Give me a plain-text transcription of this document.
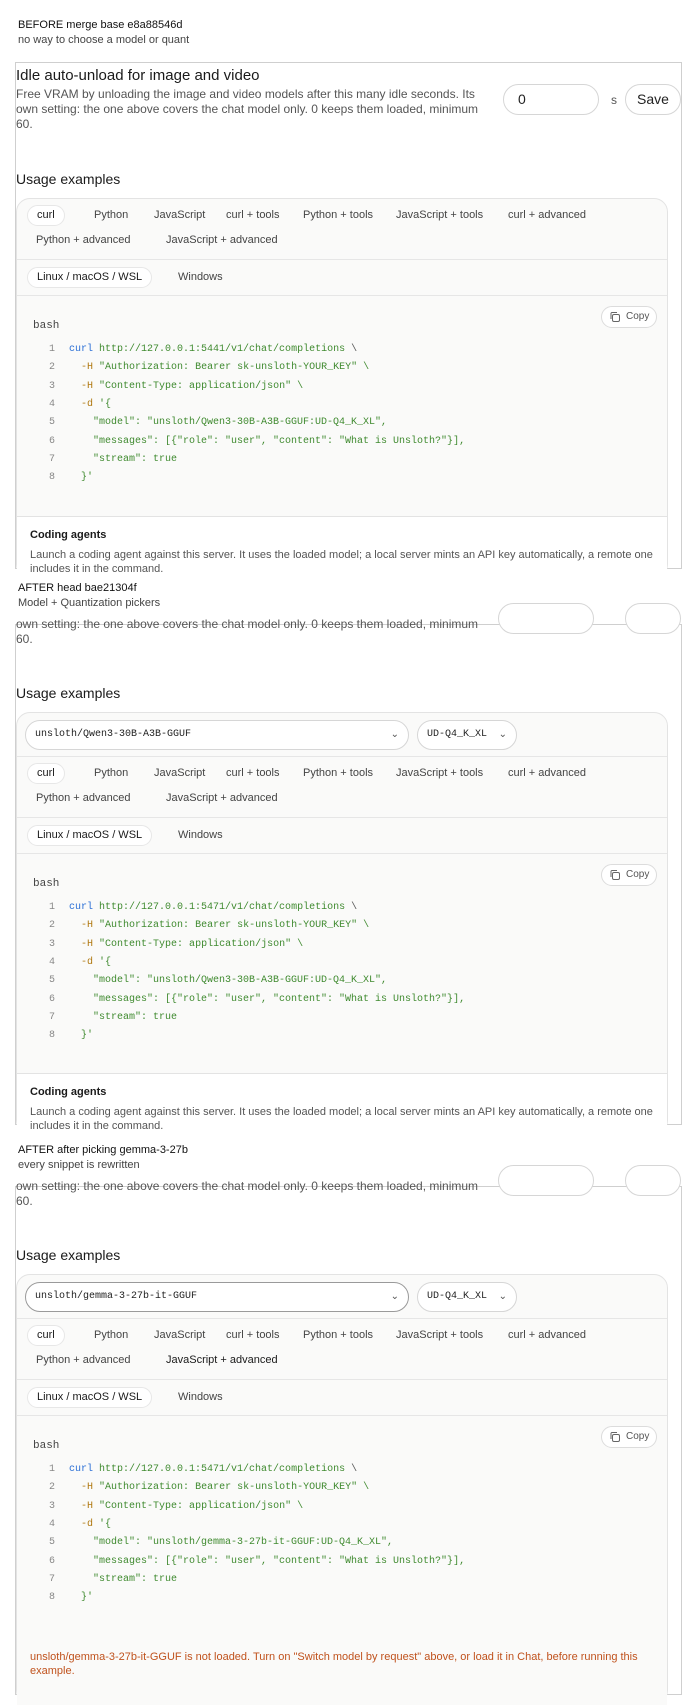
BEFORE merge base e8a88546d
no way to choose a model or quant
Idle auto-unload for image and video
Free VRAM by unloading the image and video models after this many idle seconds. Its own setting: the one above covers the chat model only. 0 keeps them loaded, minimum 60.
0	s	Save
Usage examples
curl	Python	JavaScript	curl + tools	Python + tools	JavaScript + tools	curl + advanced
Python + advanced	JavaScript + advanced
Linux / macOS / WSL	Windows
bash
Copy
1 curl http://127.0.0.1:5441/v1/chat/completions \
2	-H "Authorization: Bearer sk-unsloth-YOUR_KEY" \
3	-H "Content-Type: application/json" \
4	-d '{
5 "model": "unsloth/Qwen3-30B-A3B-GGUF:UD-Q4_K_XL",
6 "messages": [{"role": "user", "content": "What is Unsloth?"}],
7 "stream": true
8 }'
Coding agents
Launch a coding agent against this server. It uses the loaded model; a local server mints an API key automatically, a remote one includes it in the command.
AFTER head bae21304f
Model + Quantization pickers
own setting: the one above covers the chat model only. 0 keeps them loaded, minimum 60.
Usage examples
unsloth/Qwen3-30B-A3B-GGUF	⌄	UD-Q4_K_XL ⌄
curl	Python	JavaScript	curl + tools	Python + tools	JavaScript + tools	curl + advanced
Python + advanced	JavaScript + advanced
Linux / macOS / WSL	Windows
bash
Copy
1 curl http://127.0.0.1:5471/v1/chat/completions \
2	-H "Authorization: Bearer sk-unsloth-YOUR_KEY" \
3	-H "Content-Type: application/json" \
4	-d '{
5 "model": "unsloth/Qwen3-30B-A3B-GGUF:UD-Q4_K_XL",
6 "messages": [{"role": "user", "content": "What is Unsloth?"}],
7 "stream": true
8 }'
Coding agents
Launch a coding agent against this server. It uses the loaded model; a local server mints an API key automatically, a remote one includes it in the command.
AFTER after picking gemma-3-27b
every snippet is rewritten
own setting: the one above covers the chat model only. 0 keeps them loaded, minimum 60.
Usage examples
unsloth/gemma-3-27b-it-GGUF	⌄	UD-Q4_K_XL ⌄
curl	Python	JavaScript	curl + tools	Python + tools	JavaScript + tools	curl + advanced
Python + advanced	JavaScript + advanced
Linux / macOS / WSL	Windows
bash
Copy
1 curl http://127.0.0.1:5471/v1/chat/completions \
2	-H "Authorization: Bearer sk-unsloth-YOUR_KEY" \
3	-H "Content-Type: application/json" \
4	-d '{
5 "model": "unsloth/gemma-3-27b-it-GGUF:UD-Q4_K_XL",
6 "messages": [{"role": "user", "content": "What is Unsloth?"}],
7 "stream": true
8 }'
unsloth/gemma-3-27b-it-GGUF is not loaded. Turn on "Switch model by request" above, or load it in Chat, before running this example.
